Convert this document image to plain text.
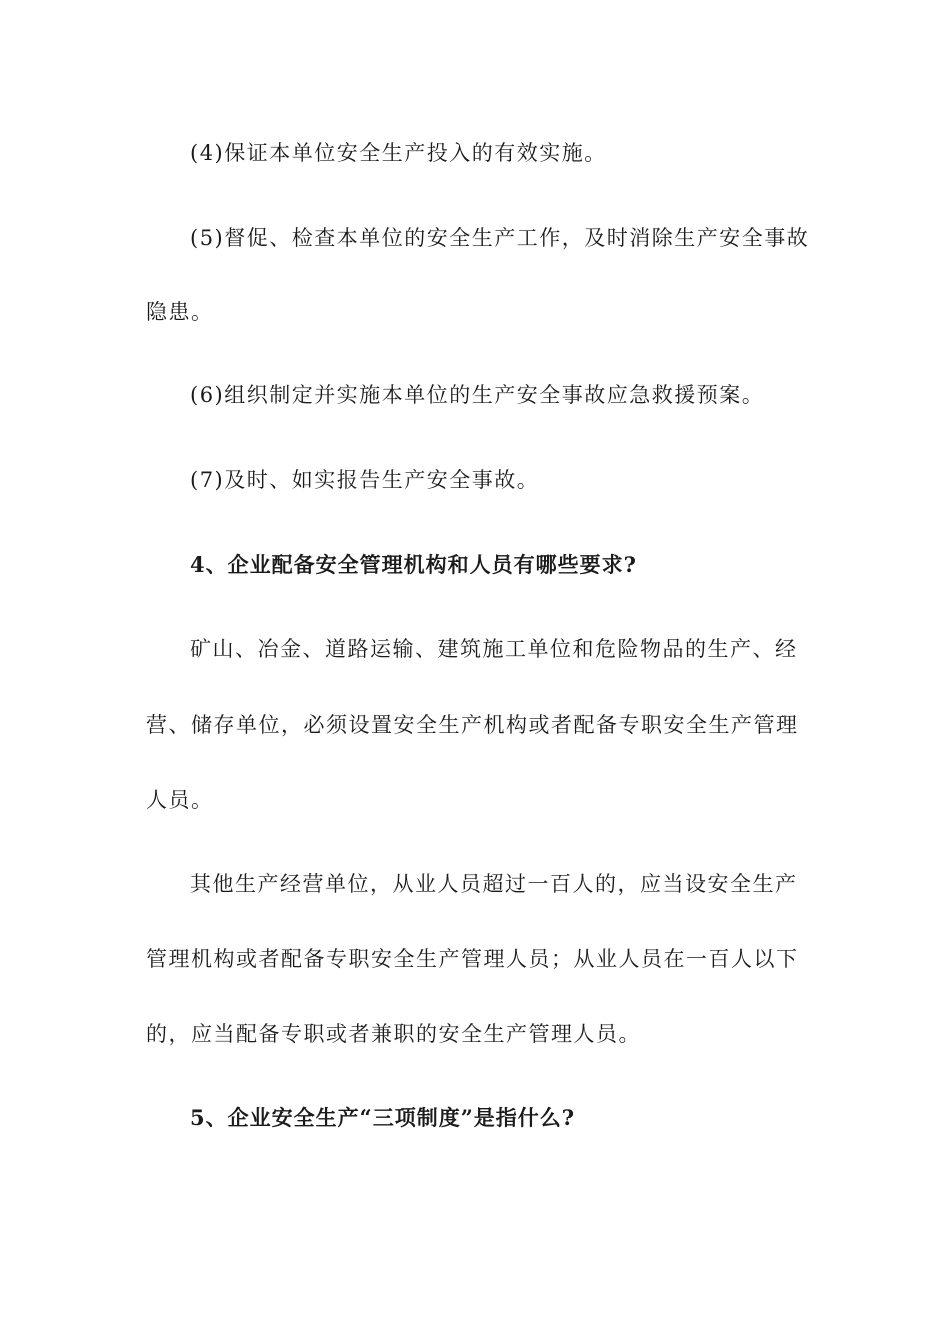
(4)保证本单位安全生产投入的有效实施。
(5)督促、检查本单位的安全生产工作，及时消除生产安全事故
隐患。
(6)组织制定并实施本单位的生产安全事故应急救援预案。
(7)及时、如实报告生产安全事故。
4、企业配备安全管理机构和人员有哪些要求?
矿山、冶金、道路运输、建筑施工单位和危险物品的生产、经
营、储存单位，必须设置安全生产机构或者配备专职安全生产管理
人员。
其他生产经营单位，从业人员超过一百人的，应当设安全生产
管理机构或者配备专职安全生产管理人员；从业人员在一百人以下
的，应当配备专职或者兼职的安全生产管理人员。
5、企业安全生产“三项制度”是指什么?
